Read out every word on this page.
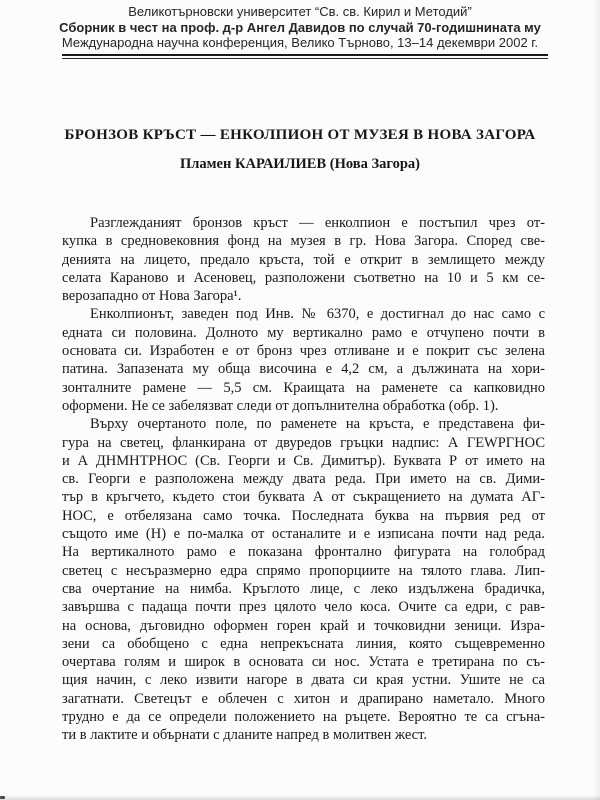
Великотърновски университет “Св. св. Кирил и Методий”
Сборник в чест на проф. д-р Ангел Давидов по случай 70-годишнината му
Международна научна конференция, Велико Търново, 13–14 декември 2002 г.
БРОНЗОВ КРЪСТ — ЕНКОЛПИОН ОТ МУЗЕЯ В НОВА ЗАГОРА
Пламен КАРАИЛИЕВ (Нова Загора)
Разглежданият бронзов кръст — енколпион е постъпил чрез от-
купка в средновековния фонд на музея в гр. Нова Загора. Според све-
денията на лицето, предало кръста, той е открит в землището между
селата Караново и Асеновец, разположени съответно на 10 и 5 км се-
верозападно от Нова Загора¹.
Енколпионът, заведен под Инв. № 6370, е достигнал до нас само с
едната си половина. Долното му вертикално рамо е отчупено почти в
основата си. Изработен е от бронз чрез отливане и е покрит със зелена
патина. Запазената му обща височина е 4,2 см, а дължината на хори-
зонталните рамене — 5,5 см. Краищата на раменете са капковидно
оформени. Не се забелязват следи от допълнителна обработка (обр. 1).
Върху очертаното поле, по раменете на кръста, е представена фи-
гура на светец, фланкирана от двуредов гръцки надпис: А ГЕWРГНОС
и А ДНМНТРНОС (Св. Георги и Св. Димитър). Буквата Р от името на
св. Георги е разположена между двата реда. При името на св. Дими-
тър в кръгчето, където стои буквата А от съкращението на думата АГ-
НОС, е отбелязана само точка. Последната буква на първия ред от
същото име (Н) е по-малка от останалите и е изписана почти над реда.
На вертикалното рамо е показана фронтално фигурата на голобрад
светец с несъразмерно едра спрямо пропорциите на тялото глава. Лип-
сва очертание на нимба. Кръглото лице, с леко издължена брадичка,
завършва с падаща почти през цялото чело коса. Очите са едри, с рав-
на основа, дъговидно оформен горен край и точковидни зеници. Изра-
зени са обобщено с една непрекъсната линия, която същевременно
очертава голям и широк в основата си нос. Устата е третирана по съ-
щия начин, с леко извити нагоре в двата си края устни. Ушите не са
загатнати. Светецът е облечен с хитон и драпирано наметало. Много
трудно е да се определи положението на ръцете. Вероятно те са сгъна-
ти в лактите и обърнати с дланите напред в молитвен жест.
